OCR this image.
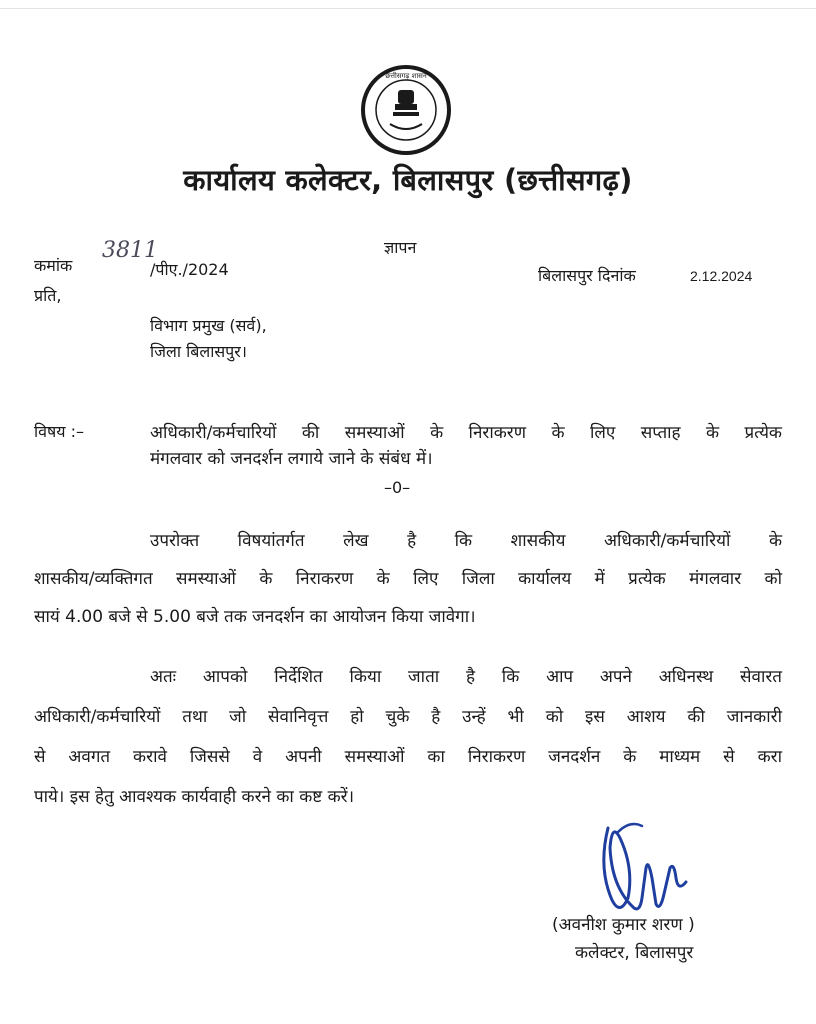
छत्तीसगढ़ शासन
कार्यालय कलेक्टर, बिलासपुर (छत्तीसगढ़)
ज्ञापन
कमांक
3811
/पीए./2024	बिलासपुर दिनांक	2.12.2024
प्रति,
विभाग प्रमुख (सर्व),
जिला बिलासपुर।
विषय :–	अधिकारी/कर्मचारियों की समस्याओं के निराकरण के लिए सप्ताह के प्रत्येक
मंगलवार को जनदर्शन लगाये जाने के संबंध में।
–0–
उपरोक्त विषयांतर्गत लेख है कि शासकीय अधिकारी/कर्मचारियों के
शासकीय/व्यक्तिगत समस्याओं के निराकरण के लिए जिला कार्यालय में प्रत्येक मंगलवार को
सायं 4.00 बजे से 5.00 बजे तक जनदर्शन का आयोजन किया जावेगा।
अतः आपको निर्देशित किया जाता है कि आप अपने अधिनस्थ सेवारत
अधिकारी/कर्मचारियों तथा जो सेवानिवृत्त हो चुके है उन्हें भी को इस आशय की जानकारी
से अवगत करावे जिससे वे अपनी समस्याओं का निराकरण जनदर्शन के माध्यम से करा
पाये। इस हेतु आवश्यक कार्यवाही करने का कष्ट करें।
(अवनीश कुमार शरण )
कलेक्टर, बिलासपुर
